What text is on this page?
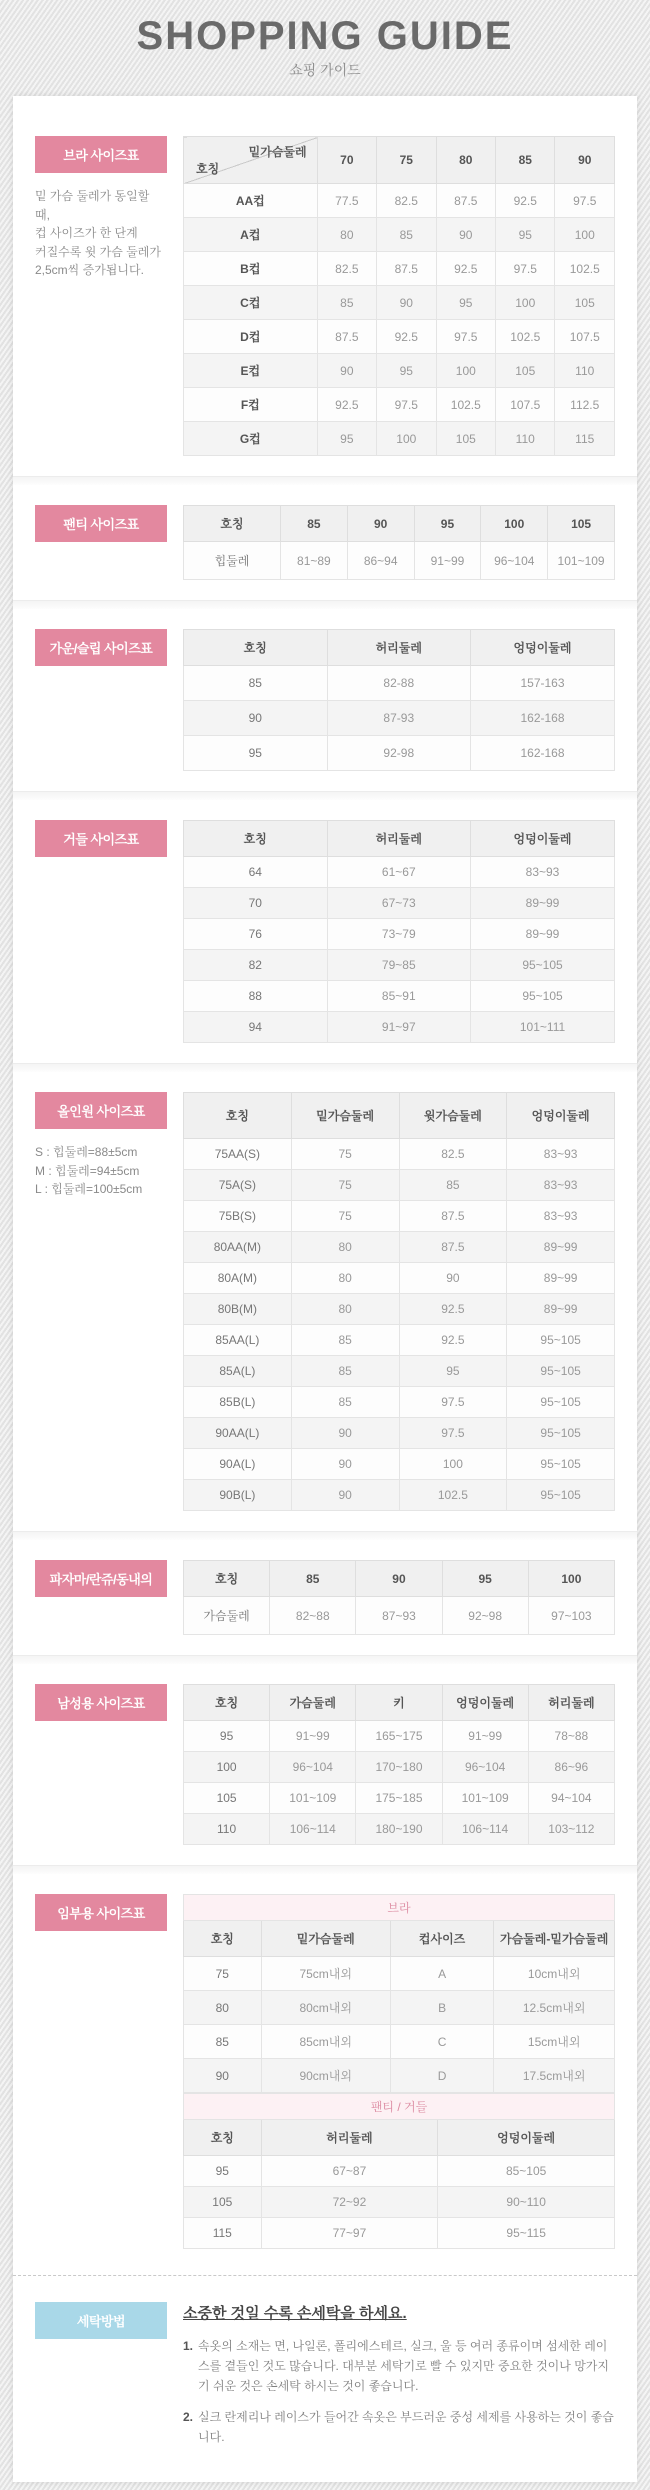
SHOPPING GUIDE
쇼핑 가이드
브라 사이즈표
밑 가슴 둘레가 동일할 때,
컵 사이즈가 한 단계
커질수록 윗 가슴 둘레가
2,5cm씩 증가됩니다.
밑가슴둘레
호칭	70	75	80	85	90
AA컵	77.5	82.5	87.5	92.5	97.5
A컵	80	85	90	95	100
B컵	82.5	87.5	92.5	97.5	102.5
C컵	85	90	95	100	105
D컵	87.5	92.5	97.5	102.5	107.5
E컵	90	95	100	105	110
F컵	92.5	97.5	102.5	107.5	112.5
G컵	95	100	105	110	115
팬티 사이즈표	호칭	85	90	95	100	105
힙둘레	81~89	86~94	91~99	96~104	101~109
가운/슬립 사이즈표	호칭	허리둘레	엉덩이둘레
85	82-88	157-163
90	87-93	162-168
95	92-98	162-168
거들 사이즈표	호칭	허리둘레	엉덩이둘레
64	61~67	83~93
70	67~73	89~99
76	73~79	89~99
82	79~85	95~105
88	85~91	95~105
94	91~97	101~111
올인원 사이즈표
S : 힙둘레=88±5cm
M : 힙둘레=94±5cm
L : 힙둘레=100±5cm
호칭	밑가슴둘레	윗가슴둘레	엉덩이둘레
75AA(S)	75	82.5	83~93
75A(S)	75	85	83~93
75B(S)	75	87.5	83~93
80AA(M)	80	87.5	89~99
80A(M)	80	90	89~99
80B(M)	80	92.5	89~99
85AA(L)	85	92.5	95~105
85A(L)	85	95	95~105
85B(L)	85	97.5	95~105
90AA(L)	90	97.5	95~105
90A(L)	90	100	95~105
90B(L)	90	102.5	95~105
파자마/란쥬/동내의	호칭	85	90	95	100
가슴둘레	82~88	87~93	92~98	97~103
남성용 사이즈표	호칭	가슴둘레	키	엉덩이둘레	허리둘레
95	91~99	165~175	91~99	78~88
100	96~104	170~180	96~104	86~96
105	101~109	175~185	101~109	94~104
110	106~114	180~190	106~114	103~112
임부용 사이즈표	브라			
호칭	밑가슴둘레	컵사이즈	가슴둘레-밑가슴둘레
75	75cm내외	A	10cm내외
80	80cm내외	B	12.5cm내외
85	85cm내외	C	15cm내외
90	90cm내외	D	17.5cm내외
팬티 / 거들		
호칭	허리둘레	엉덩이둘레
95	67~87	85~105
105	72~92	90~110
115	77~97	95~115
세탁방법	소중한 것일 수록 손세탁을 하세요.
1. 속옷의 소재는 면, 나일론, 폴리에스테르, 실크, 울 등 여러 종류이며 섬세한 레이스를 곁들인 것도 많습니다. 대부분 세탁기로 빨 수 있지만 중요한 것이나 망가지기 쉬운 것은 손세탁 하시는 것이 좋습니다.
2. 실크 란제리나 레이스가 들어간 속옷은 부드러운 중성 세제를 사용하는 것이 좋습니다.
